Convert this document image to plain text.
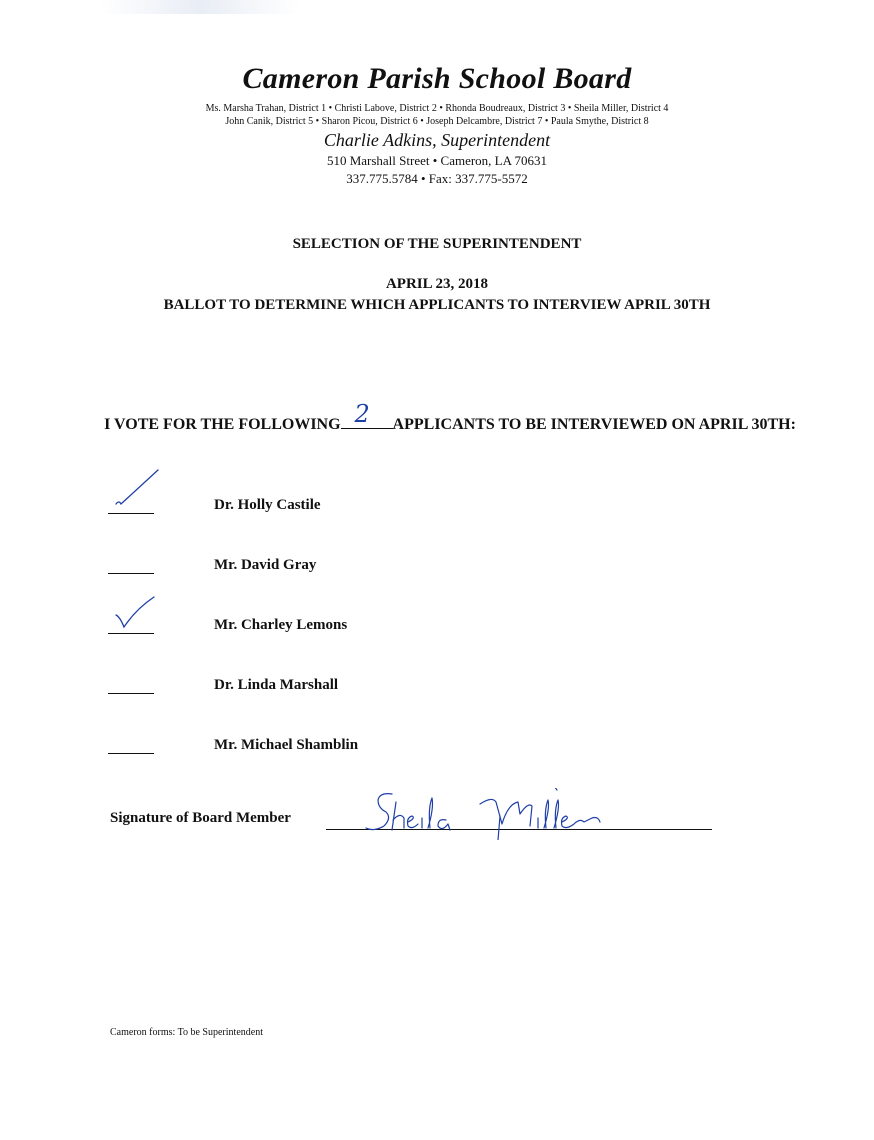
Cameron Parish School Board
Ms. Marsha Trahan, District 1 • Christi Labove, District 2 • Rhonda Boudreaux, District 3 • Sheila Miller, District 4
John Canik, District 5 • Sharon Picou, District 6 • Joseph Delcambre, District 7 • Paula Smythe, District 8
Charlie Adkins, Superintendent
510 Marshall Street • Cameron, LA 70631
337.775.5784 • Fax: 337.775-5572
SELECTION OF THE SUPERINTENDENT
APRIL 23, 2018
BALLOT TO DETERMINE WHICH APPLICANTS TO INTERVIEW APRIL 30TH
I VOTE FOR THE FOLLOWING 2 APPLICANTS TO BE INTERVIEWED ON APRIL 30TH:
Dr. Holly Castile
Mr. David Gray
Mr. Charley Lemons
Dr. Linda Marshall
Mr. Michael Shamblin
Signature of Board Member
Cameron forms: To be Superintendent
